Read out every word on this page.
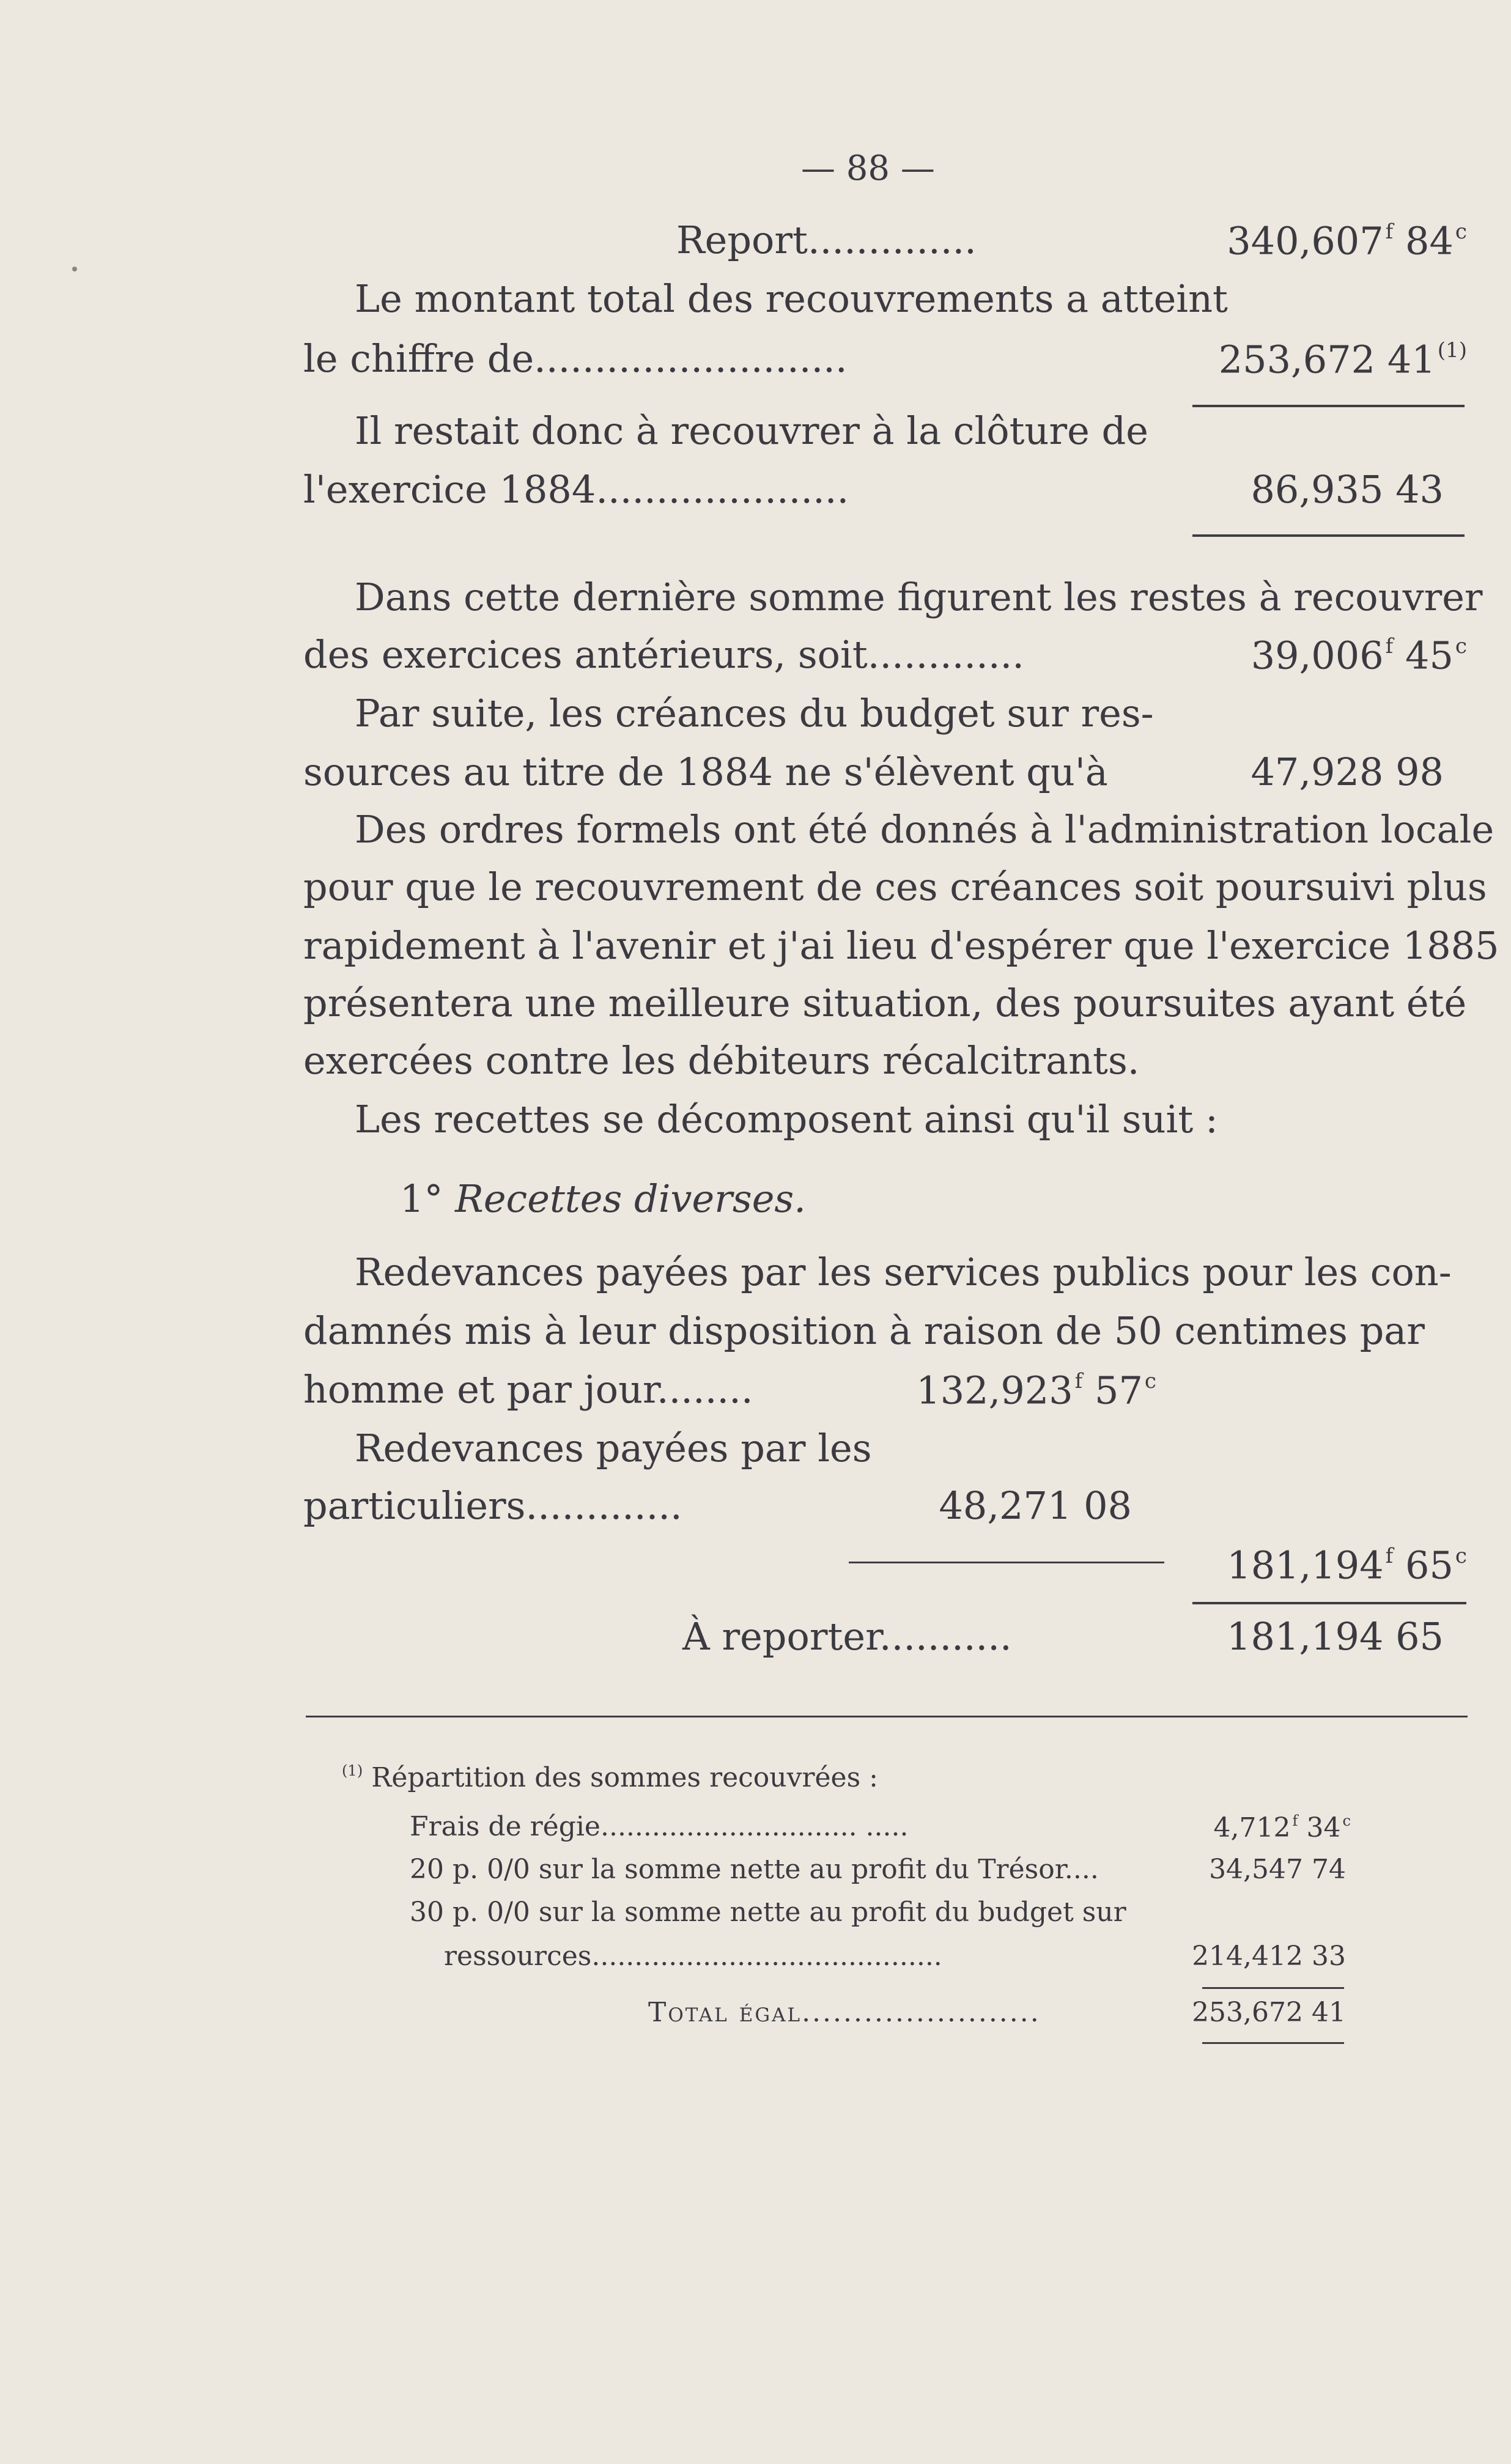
— 88 —
Report..............	340,607$^f$ 84$^c$
Le montant total des recouvrements a atteint
le chiffre de..........................	253,672 41$^{(1)}$
Il restait donc à recouvrer à la clôture de
l'exercice 1884.....................	86,935 43
Dans cette dernière somme figurent les restes à recouvrer
des exercices antérieurs, soit.............	39,006$^f$ 45$^c$
Par suite, les créances du budget sur res-
sources au titre de 1884 ne s'élèvent qu'à	47,928 98
Des ordres formels ont été donnés à l'administration locale
pour que le recouvrement de ces créances soit poursuivi plus
rapidement à l'avenir et j'ai lieu d'espérer que l'exercice 1885
présentera une meilleure situation, des poursuites ayant été
exercées contre les débiteurs récalcitrants.
Les recettes se décomposent ainsi qu'il suit :
1° Recettes diverses.
Redevances payées par les services publics pour les con-
damnés mis à leur disposition à raison de 50 centimes par
homme et par jour........	132,923$^f$ 57$^c$
Redevances payées par les
particuliers.............	48,271 08
181,194$^f$ 65$^c$
À reporter...........	181,194 65
$^{(1)}$ Répartition des sommes recouvrées :
Frais de régie.............................. .....	4,712 $^f$ 34 $^c$
20 p. 0/0 sur la somme nette au profit du Trésor....	34,547 74
30 p. 0/0 sur la somme nette au profit du budget sur
ressources.........................................	214,412 33
Total égal.......................	253,672 41
